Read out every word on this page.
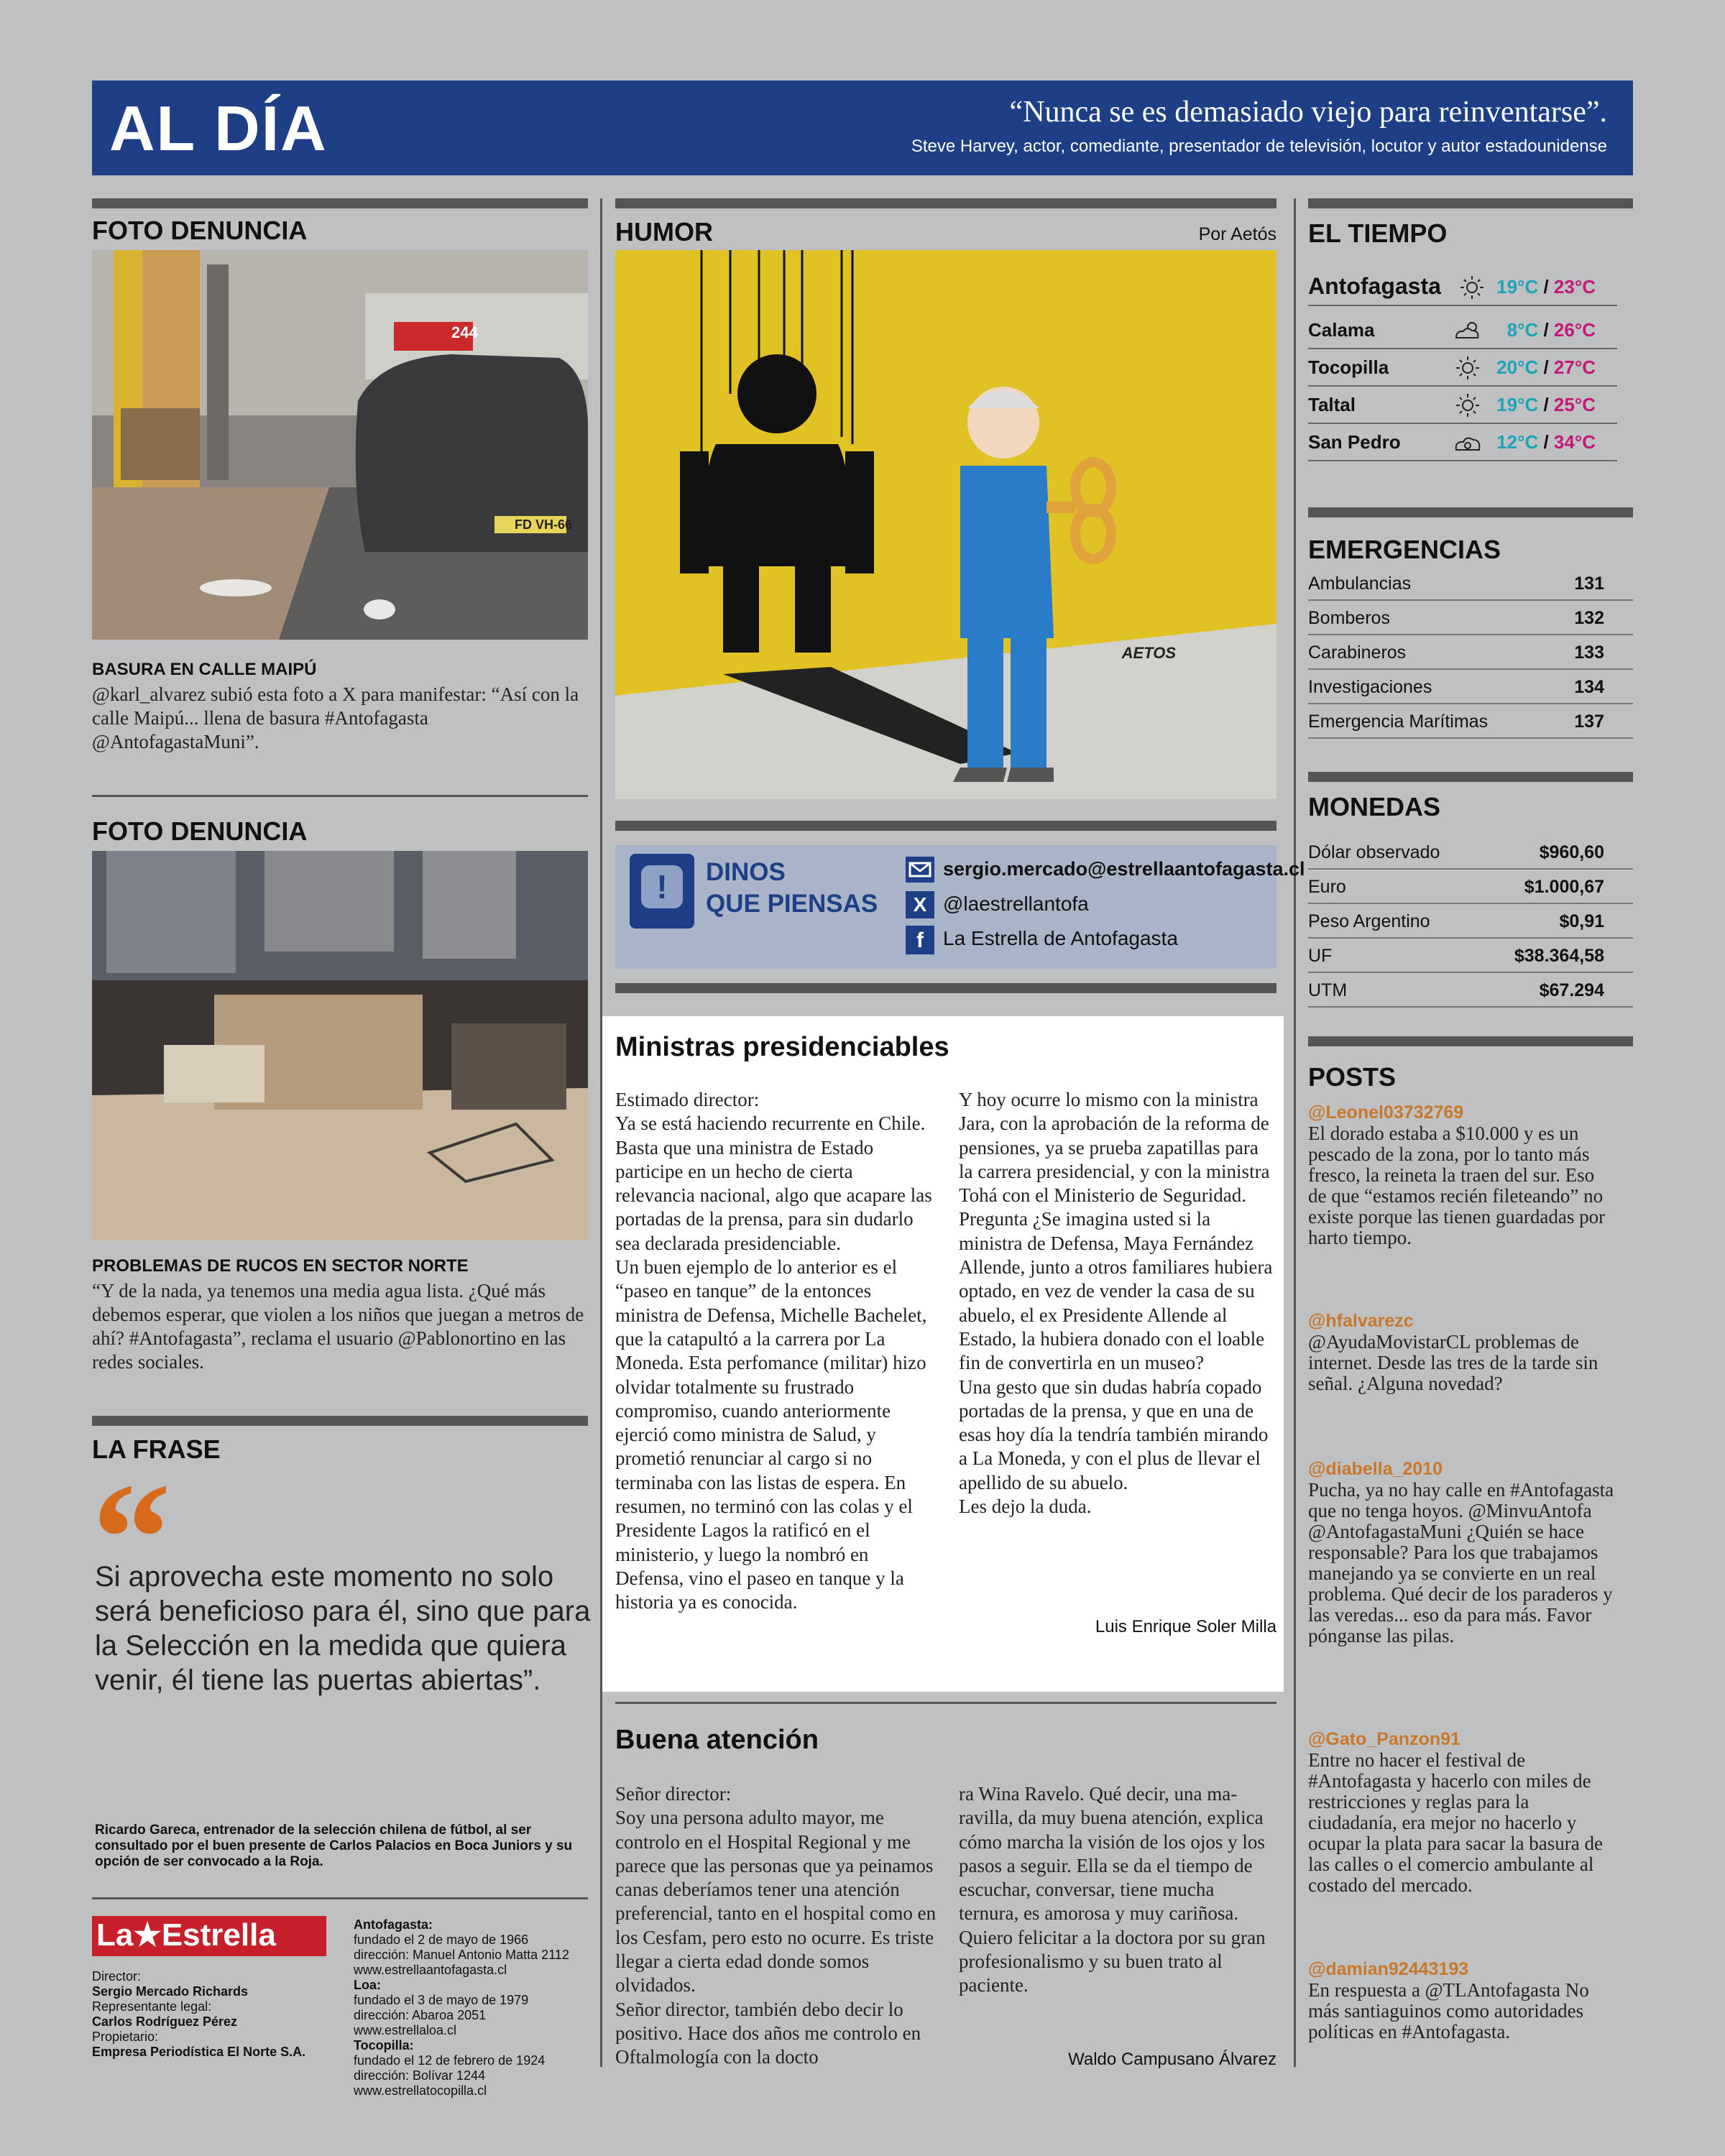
AL DÍA	“Nunca se es demasiado viejo para reinventarse”.
Steve Harvey, actor, comediante, presentador de televisión, locutor y autor estadounidense
FOTO DENUNCIA
244
FD VH-66
BASURA EN CALLE MAIPÚ
@karl_alvarez subió esta foto a X para manifestar: “Así con la calle Maipú... llena de basura #Antofagasta @AntofagastaMuni”.
FOTO DENUNCIA
PROBLEMAS DE RUCOS EN SECTOR NORTE
“Y de la nada, ya tenemos una media agua lista. ¿Qué más debemos esperar, que violen a los niños que juegan a metros de ahí? #Antofagasta”, reclama el usuario @Pablonortino en las redes sociales.
LA FRASE
“
Si aprovecha este momento no solo será beneficioso para él, sino que para la Selección en la medida que quiera venir, él tiene las puertas abiertas”.
Ricardo Gareca, entrenador de la selección chilena de fútbol, al ser consultado por el buen presente de Carlos Palacios en Boca Juniors y su opción de ser convocado a la Roja.
La★Estrella
Director:
Sergio Mercado Richards
Representante legal:
Carlos Rodríguez Pérez
Propietario:
Empresa Periodística El Norte S.A.
Antofagasta:
fundado el 2 de mayo de 1966
dirección: Manuel Antonio Matta 2112
www.estrellaantofagasta.cl
Loa:
fundado el 3 de mayo de 1979
dirección: Abaroa 2051
www.estrellaloa.cl
Tocopilla:
fundado el 12 de febrero de 1924
dirección: Bolívar 1244
www.estrellatocopilla.cl
HUMOR	Por Aetós
AETOS
!	DINOS
QUE PIENSAS
sergio.mercado@estrellaantofagasta.cl
X @laestrellantofa
f La Estrella de Antofagasta
Ministras presidenciables

Estimado director:

Ya se está haciendo recurrente en Chile. Basta que una ministra de Estado participe en un hecho de cierta relevancia nacional, algo que acapare las portadas de la prensa, para sin dudarlo sea declarada presidenciable.

Un buen ejemplo de lo anterior es el “paseo en tanque” de la entonces ministra de Defensa, Michelle Bachelet, que la catapultó a la carrera por La Moneda. Esta perfomance (militar) hizo olvidar totalmente su frustrado compromiso, cuando anteriormente ejerció como ministra de Salud, y prometió renunciar al cargo si no terminaba con las listas de espera. En resumen, no terminó con las colas y el Presidente Lagos la ratificó en el ministerio, y luego la nombró en Defensa, vino el paseo en tanque y la historia ya es conocida.

Y hoy ocurre lo mismo con la ministra Jara, con la aprobación de la reforma de pensiones, ya se prueba zapatillas para la carrera presidencial, y con la ministra Tohá con el Ministerio de Seguridad.

Pregunta ¿Se imagina usted si la ministra de Defensa, Maya Fernández Allende, junto a otros familiares hubiera optado, en vez de vender la casa de su abuelo, el ex Presidente Allende al Estado, la hubiera donado con el loable fin de convertirla en un museo?

Una gesto que sin dudas habría copado portadas de la prensa, y que en una de esas hoy día la tendría también mirando a La Moneda, y con el plus de llevar el apellido de su abuelo.

Les dejo la duda.

Luis Enrique Soler Milla
Buena atención

Señor director:

Soy una persona adulto mayor, me controlo en el Hospital Regional y me parece que las personas que ya peinamos canas deberíamos tener una atención preferencial, tanto en el hospital como en los Cesfam, pero esto no ocurre. Es triste llegar a cierta edad donde somos olvidados.

Señor director, también debo decir lo positivo. Hace dos años me controlo en Oftalmología con la docto

ra Wina Ravelo. Qué decir, una maravilla, da muy buena atención, explica cómo marcha la visión de los ojos y los pasos a seguir. Ella se da el tiempo de escuchar, conversar, tiene mucha ternura, es amorosa y muy cariñosa.

Quiero felicitar a la doctora por su gran profesionalismo y su buen trato al paciente.

Waldo Campusano Álvarez
EL TIEMPO
Antofagasta	19°C / 23°C
Calama	8°C / 26°C
Tocopilla	20°C / 27°C
Taltal	19°C / 25°C
San Pedro	12°C / 34°C
EMERGENCIAS
Ambulancias	131
Bomberos	132
Carabineros	133
Investigaciones	134
Emergencia Marítimas	137
MONEDAS
Dólar observado	$960,60
Euro	$1.000,67
Peso Argentino	$0,91
UF	$38.364,58
UTM	$67.294
POSTS
@Leonel03732769
El dorado estaba a $10.000 y es un pescado de la zona, por lo tanto más fresco, la reineta la traen del sur. Eso de que “estamos recién fileteando” no existe porque las tienen guardadas por harto tiempo.
@hfalvarezc
@AyudaMovistarCL problemas de internet. Desde las tres de la tarde sin señal. ¿Alguna novedad?
@diabella_2010
Pucha, ya no hay calle en #Antofagasta que no tenga hoyos. @MinvuAntofa @AntofagastaMuni ¿Quién se hace responsable? Para los que trabajamos manejando ya se convierte en un real problema. Qué decir de los paraderos y las veredas... eso da para más. Favor pónganse las pilas.
@Gato_Panzon91
Entre no hacer el festival de #Antofagasta y hacerlo con miles de restricciones y reglas para la ciudadanía, era mejor no hacerlo y ocupar la plata para sacar la basura de las calles o el comercio ambulante al costado del mercado.
@damian92443193
En respuesta a @TLAntofagasta No más santiaguinos como autoridades políticas en #Antofagasta.
